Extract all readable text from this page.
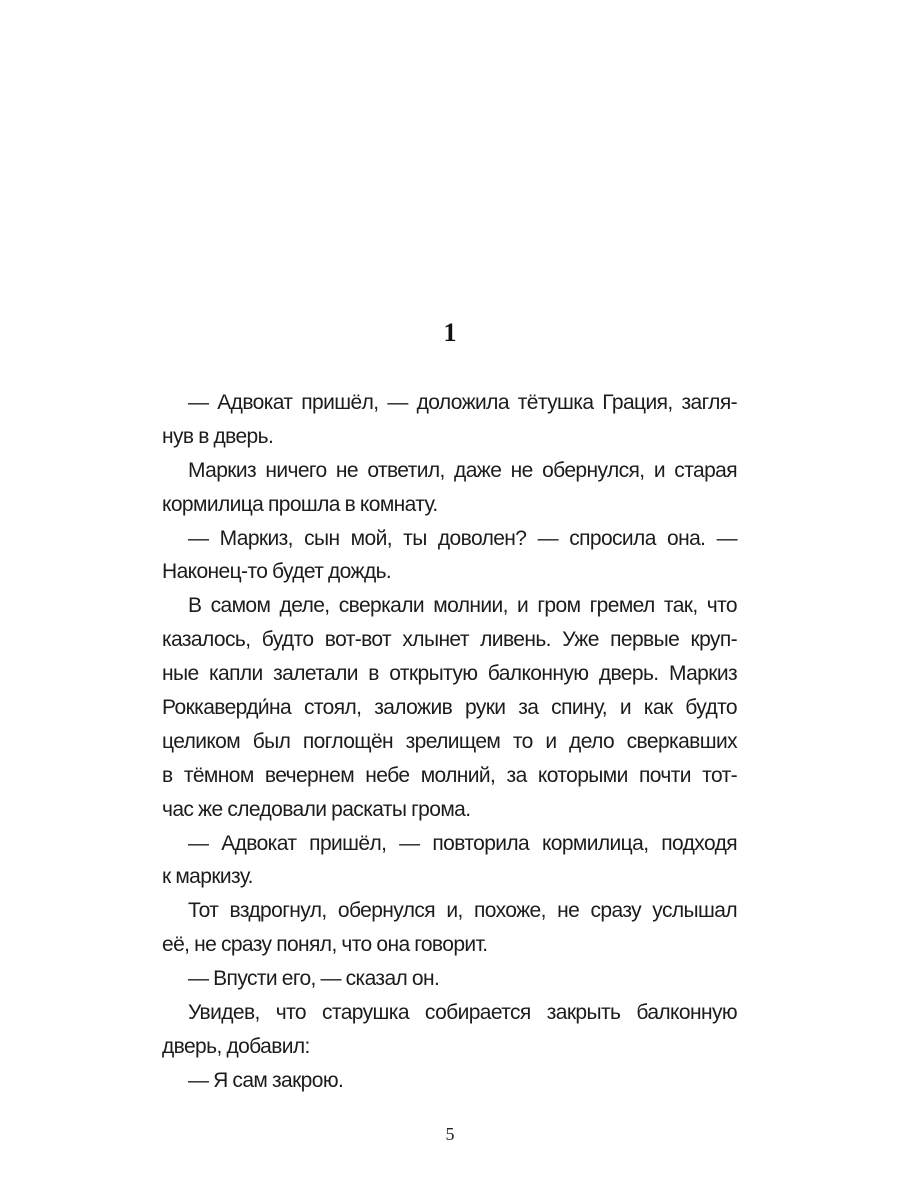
1
— Адвокат пришёл, — доложила тётушка Грация, загля-
нув в дверь.
Маркиз ничего не ответил, даже не обернулся, и старая
кормилица прошла в комнату.
— Маркиз, сын мой, ты доволен? — спросила она. —
Наконец-то будет дождь.
В самом деле, сверкали молнии, и гром гремел так, что
казалось, будто вот-вот хлынет ливень. Уже первые круп-
ные капли залетали в открытую балконную дверь. Маркиз
Роккаверди́на стоял, заложив руки за спину, и как будто
целиком был поглощён зрелищем то и дело сверкавших
в тёмном вечернем небе молний, за которыми почти тот-
час же следовали раскаты грома.
— Адвокат пришёл, — повторила кормилица, подходя
к маркизу.
Тот вздрогнул, обернулся и, похоже, не сразу услышал
её, не сразу понял, что она говорит.
— Впусти его, — сказал он.
Увидев, что старушка собирается закрыть балконную
дверь, добавил:
— Я сам закрою.
5
